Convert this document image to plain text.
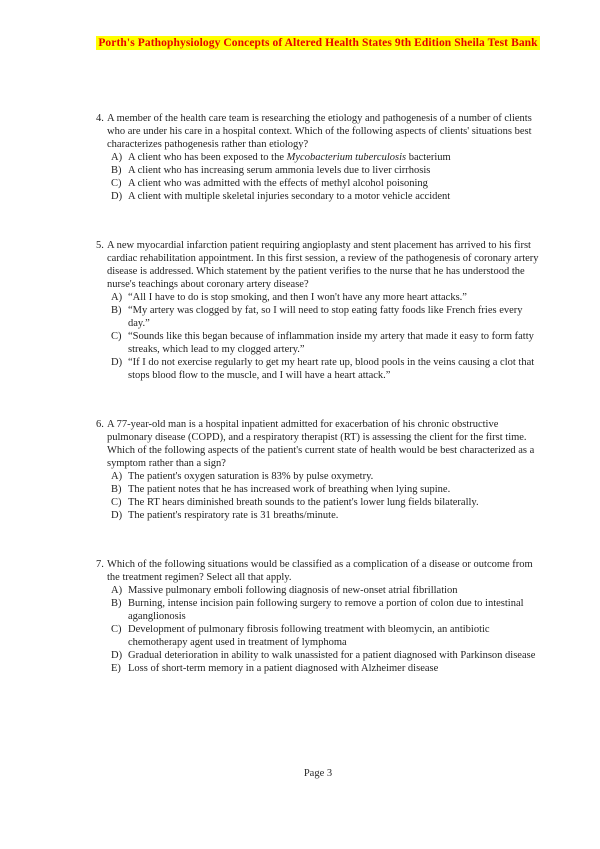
Porth's Pathophysiology Concepts of Altered Health States 9th Edition Sheila Test Bank
4. A member of the health care team is researching the etiology and pathogenesis of a number of clients who are under his care in a hospital context. Which of the following aspects of clients' situations best characterizes pathogenesis rather than etiology?

A) A client who has been exposed to the Mycobacterium tuberculosis bacterium
B) A client who has increasing serum ammonia levels due to liver cirrhosis
C) A client who was admitted with the effects of methyl alcohol poisoning
D) A client with multiple skeletal injuries secondary to a motor vehicle accident
5. A new myocardial infarction patient requiring angioplasty and stent placement has arrived to his first cardiac rehabilitation appointment. In this first session, a review of the pathogenesis of coronary artery disease is addressed. Which statement by the patient verifies to the nurse that he has understood the nurse's teachings about coronary artery disease?

A) “All I have to do is stop smoking, and then I won't have any more heart attacks.”
B) “My artery was clogged by fat, so I will need to stop eating fatty foods like French fries every day.”
C) “Sounds like this began because of inflammation inside my artery that made it easy to form fatty streaks, which lead to my clogged artery.”
D) “If I do not exercise regularly to get my heart rate up, blood pools in the veins causing a clot that stops blood flow to the muscle, and I will have a heart attack.”
6. A 77-year-old man is a hospital inpatient admitted for exacerbation of his chronic obstructive pulmonary disease (COPD), and a respiratory therapist (RT) is assessing the client for the first time. Which of the following aspects of the patient's current state of health would be best characterized as a symptom rather than a sign?

A) The patient's oxygen saturation is 83% by pulse oxymetry.
B) The patient notes that he has increased work of breathing when lying supine.
C) The RT hears diminished breath sounds to the patient's lower lung fields bilaterally.
D) The patient's respiratory rate is 31 breaths/minute.
7. Which of the following situations would be classified as a complication of a disease or outcome from the treatment regimen? Select all that apply.

A) Massive pulmonary emboli following diagnosis of new-onset atrial fibrillation
B) Burning, intense incision pain following surgery to remove a portion of colon due to intestinal aganglionosis
C) Development of pulmonary fibrosis following treatment with bleomycin, an antibiotic chemotherapy agent used in treatment of lymphoma
D) Gradual deterioration in ability to walk unassisted for a patient diagnosed with Parkinson disease
E) Loss of short-term memory in a patient diagnosed with Alzheimer disease
Page 3
